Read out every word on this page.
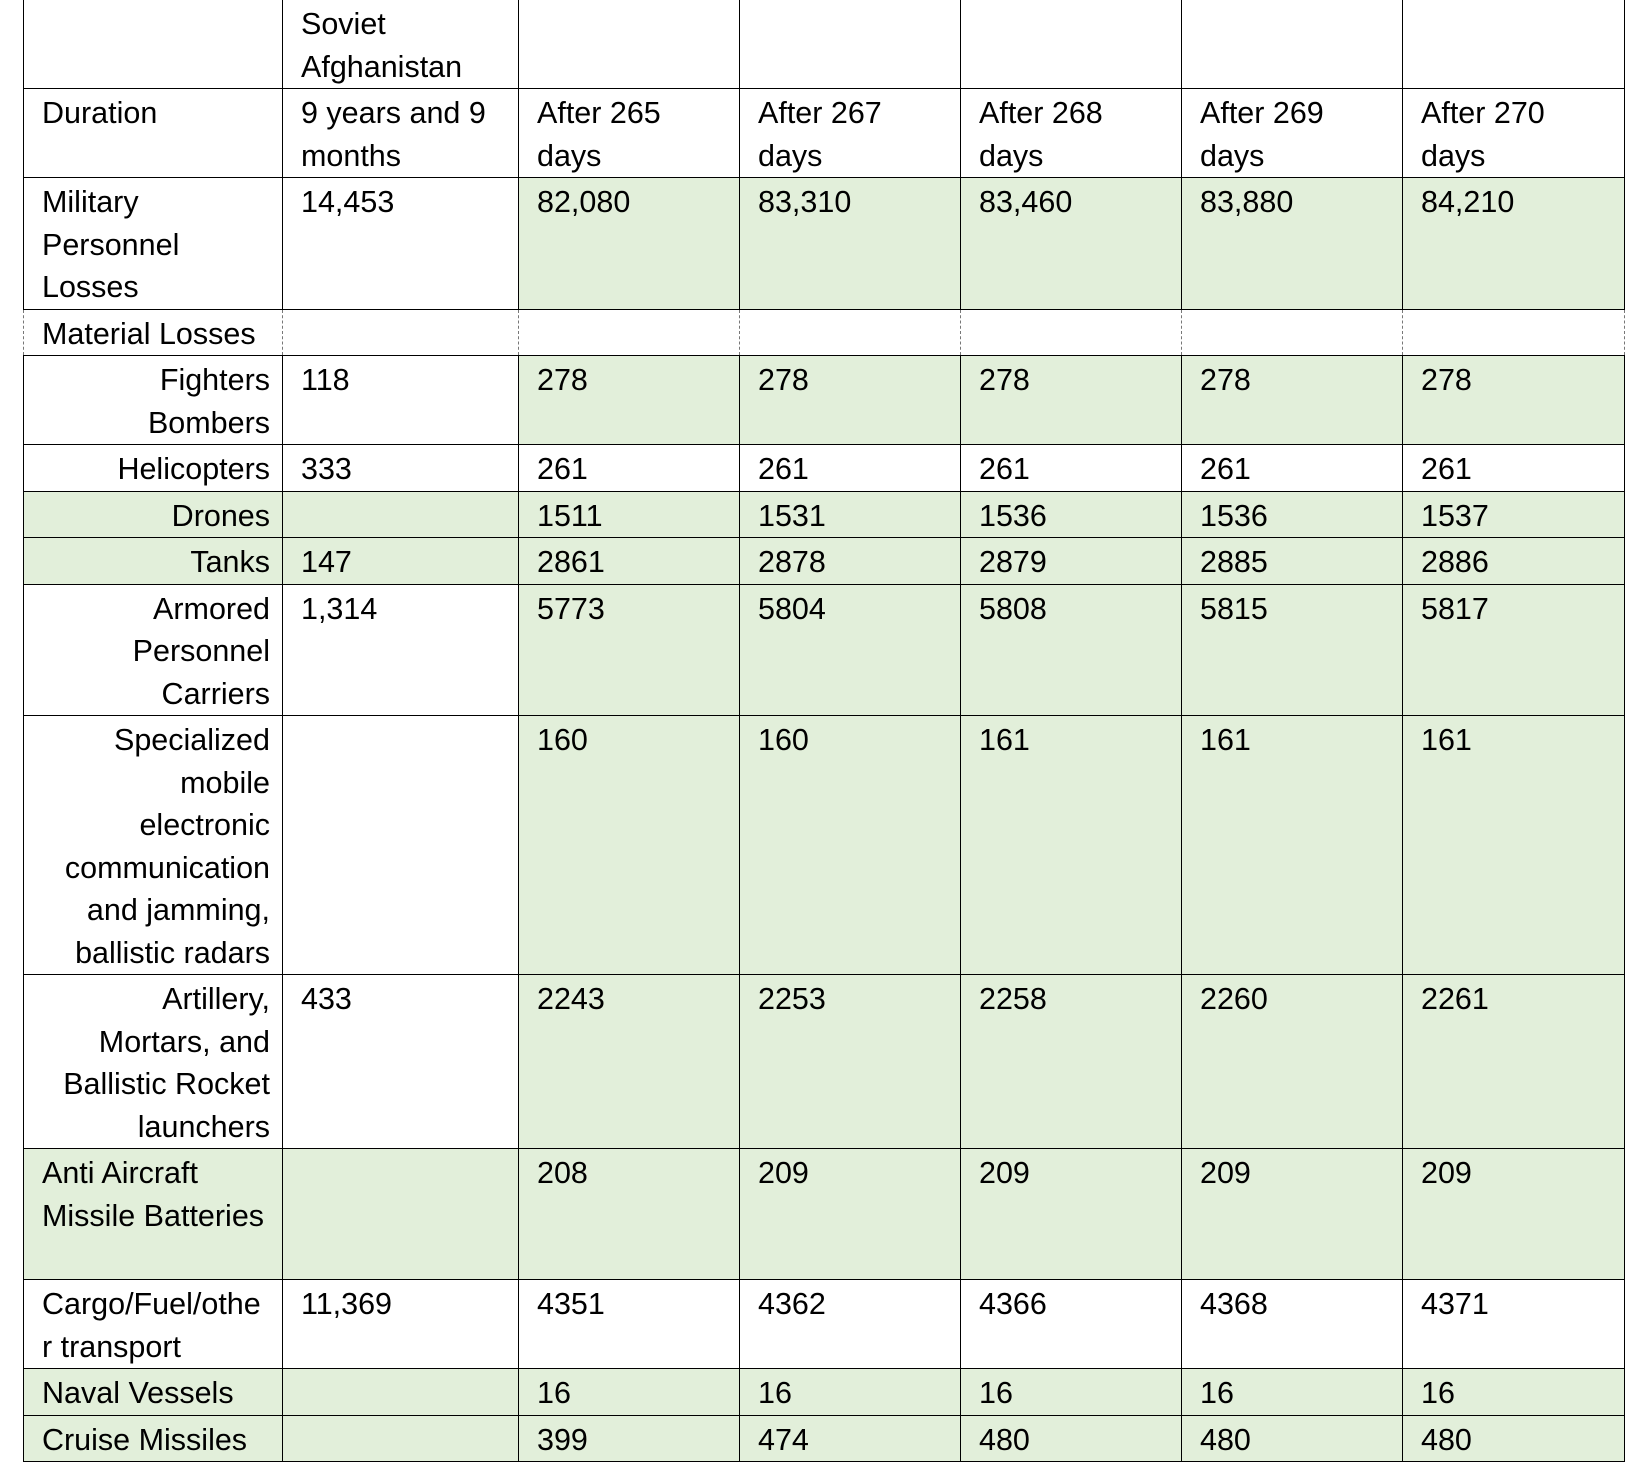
	Soviet Afghanistan					
Duration	9 years and 9 months	After 265 days	After 267 days	After 268 days	After 269 days	After 270 days
Military Personnel Losses	14,453	82,080	83,310	83,460	83,880	84,210
Material Losses						
Fighters Bombers	118	278	278	278	278	278
Helicopters	333	261	261	261	261	261
Drones		1511	1531	1536	1536	1537
Tanks	147	2861	2878	2879	2885	2886
Armored Personnel Carriers	1,314	5773	5804	5808	5815	5817
Specialized mobile electronic communication and jamming, ballistic radars		160	160	161	161	161
Artillery, Mortars, and Ballistic Rocket launchers	433	2243	2253	2258	2260	2261
Anti Aircraft Missile Batteries		208	209	209	209	209
Cargo/Fuel/other transport	11,369	4351	4362	4366	4368	4371
Naval Vessels		16	16	16	16	16
Cruise Missiles		399	474	480	480	480
